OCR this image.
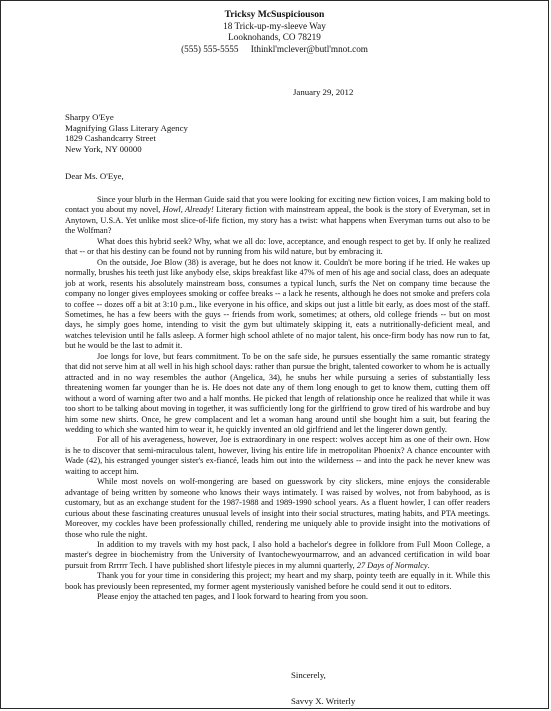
Tricksy McSuspiciouson
18 Trick-up-my-sleeve Way
Looknohands, CO 78219
(555) 555-5555 Ithinkl'mclever@butl'mnot.com
January 29, 2012
Sharpy O'Eye
Magnifying Glass Literary Agency
1829 Cashandcarry Street
New York, NY 00000
Dear Ms. O'Eye,

Since your blurb in the Herman Guide said that you were looking for exciting new fiction voices, I am making bold to contact you about my novel, Howl, Already! Literary fiction with mainstream appeal, the book is the story of Everyman, set in Anytown, U.S.A. Yet unlike most slice-of-life fiction, my story has a twist: what happens when Everyman turns out also to be the Wolfman?

What does this hybrid seek? Why, what we all do: love, acceptance, and enough respect to get by. If only he realized that -- or that his destiny can be found not by running from his wild nature, but by embracing it.

On the outside, Joe Blow (38) is average, but he does not know it. Couldn't be more boring if he tried. He wakes up normally, brushes his teeth just like anybody else, skips breakfast like 47% of men of his age and social class, does an adequate job at work, resents his absolutely mainstream boss, consumes a typical lunch, surfs the Net on company time because the company no longer gives employees smoking or coffee breaks -- a lack he resents, although he does not smoke and prefers cola to coffee -- dozes off a bit at 3:10 p.m., like everyone in his office, and skips out just a little bit early, as does most of the staff. Sometimes, he has a few beers with the guys -- friends from work, sometimes; at others, old college friends -- but on most days, he simply goes home, intending to visit the gym but ultimately skipping it, eats a nutritionally-deficient meal, and watches television until he falls asleep. A former high school athlete of no major talent, his once-firm body has now run to fat, but he would be the last to admit it.

Joe longs for love, but fears commitment. To be on the safe side, he pursues essentially the same romantic strategy that did not serve him at all well in his high school days: rather than pursue the bright, talented coworker to whom he is actually attracted and in no way resembles the author (Angelica, 34), he snubs her while pursuing a series of substantially less threatening women far younger than he is. He does not date any of them long enough to get to know them, cutting them off without a word of warning after two and a half months. He picked that length of relationship once he realized that while it was too short to be talking about moving in together, it was sufficiently long for the girlfriend to grow tired of his wardrobe and buy him some new shirts. Once, he grew complacent and let a woman hang around until she bought him a suit, but fearing the wedding to which she wanted him to wear it, he quickly invented an old girlfriend and let the lingerer down gently.

For all of his averageness, however, Joe is extraordinary in one respect: wolves accept him as one of their own. How is he to discover that semi-miraculous talent, however, living his entire life in metropolitan Phoenix? A chance encounter with Wade (42), his estranged younger sister's ex-fiancé, leads him out into the wilderness -- and into the pack he never knew was waiting to accept him.

While most novels on wolf-mongering are based on guesswork by city slickers, mine enjoys the considerable advantage of being written by someone who knows their ways intimately. I was raised by wolves, not from babyhood, as is customary, but as an exchange student for the 1987-1988 and 1989-1990 school years. As a fluent howler, I can offer readers curious about these fascinating creatures unusual levels of insight into their social structures, mating habits, and PTA meetings. Moreover, my cockles have been professionally chilled, rendering me uniquely able to provide insight into the motivations of those who rule the night.

In addition to my travels with my host pack, I also hold a bachelor's degree in folklore from Full Moon College, a master's degree in biochemistry from the University of Ivantochewyourmarrow, and an advanced certification in wild boar pursuit from Rrrrrr Tech. I have published short lifestyle pieces in my alumni quarterly, 27 Days of Normalcy.

Thank you for your time in considering this project; my heart and my sharp, pointy teeth are equally in it. While this book has previously been represented, my former agent mysteriously vanished before he could send it out to editors.

Please enjoy the attached ten pages, and I look forward to hearing from you soon.

Sincerely,
Savvy X. Writerly
